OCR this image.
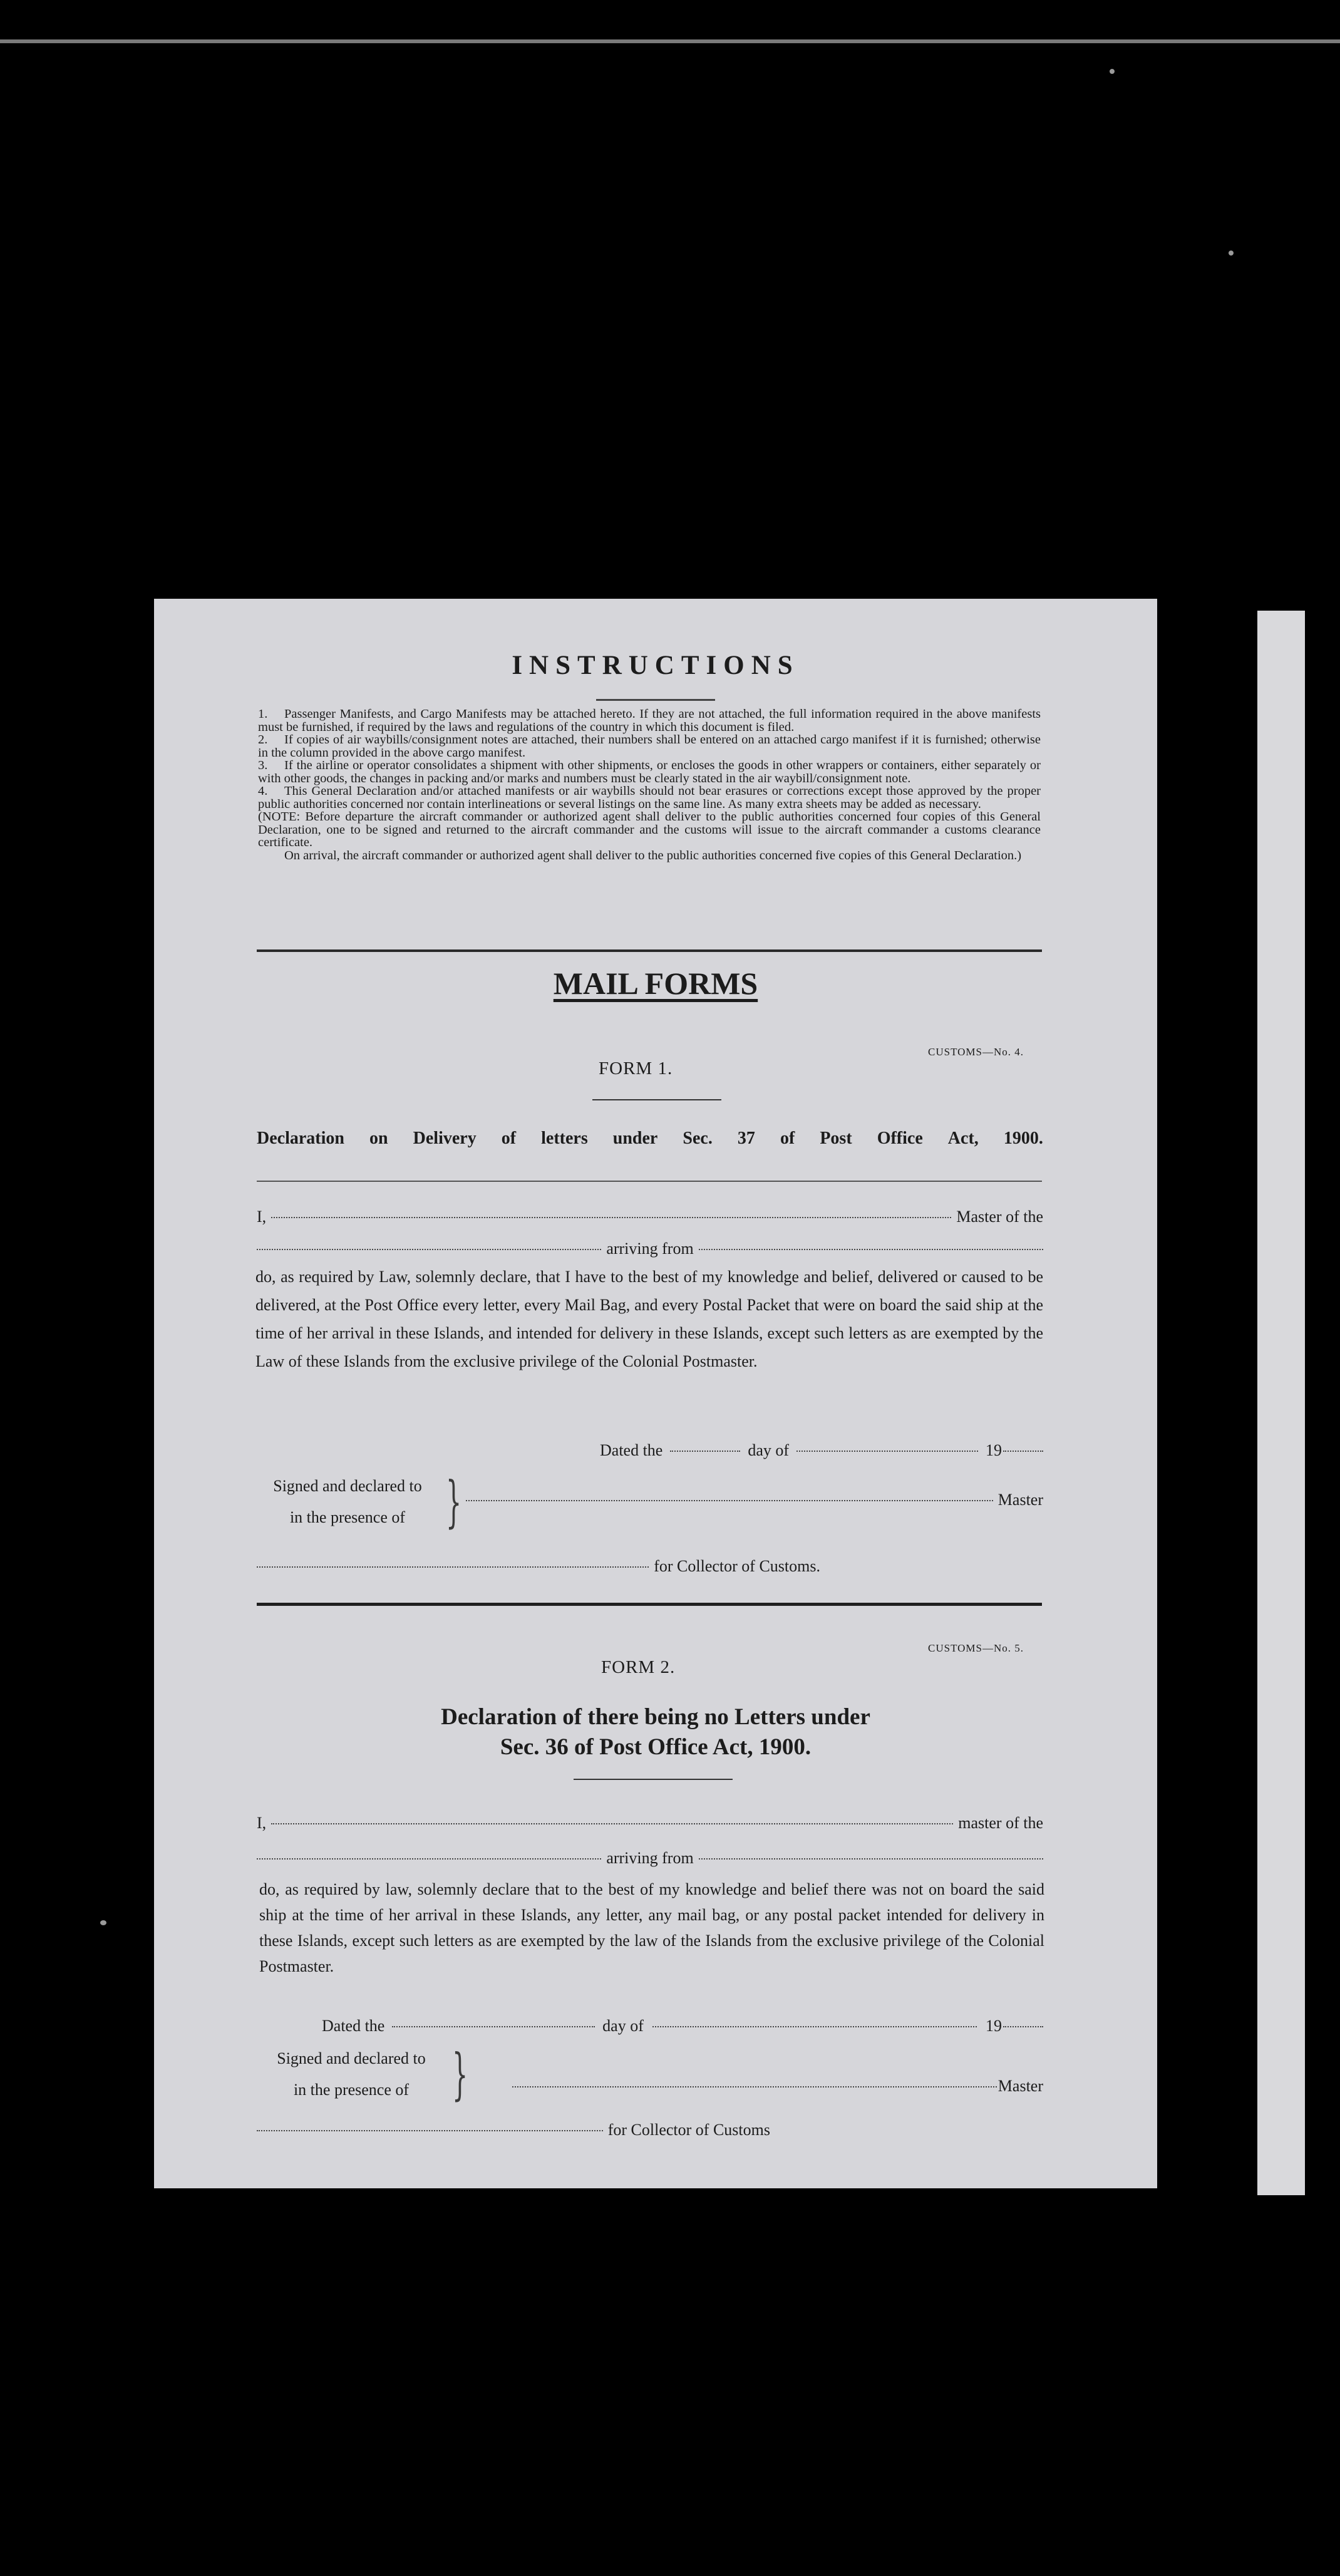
INSTRUCTIONS

1. Passenger Manifests, and Cargo Manifests may be attached hereto. If they are not attached, the full information required in the above manifests must be furnished, if required by the laws and regulations of the country in which this document is filed.

2. If copies of air waybills/consignment notes are attached, their numbers shall be entered on an attached cargo manifest if it is furnished; otherwise in the column provided in the above cargo manifest.

3. If the airline or operator consolidates a shipment with other shipments, or encloses the goods in other wrappers or containers, either separately or with other goods, the changes in packing and/or marks and numbers must be clearly stated in the air waybill/consignment note.

4. This General Declaration and/or attached manifests or air waybills should not bear erasures or corrections except those approved by the proper public authorities concerned nor contain interlineations or several listings on the same line. As many extra sheets may be added as necessary.

(NOTE: Before departure the aircraft commander or authorized agent shall deliver to the public authorities concerned four copies of this General Declaration, one to be signed and returned to the aircraft commander and the customs will issue to the aircraft commander a customs clearance certificate.

On arrival, the aircraft commander or authorized agent shall deliver to the public authorities concerned five copies of this General Declaration.)

MAIL FORMS
CUSTOMS—No. 4.
FORM 1.
Declaration on Delivery of letters under Sec. 37 of Post Office Act, 1900.
I,	Master of the
arriving from
do, as required by Law, solemnly declare, that I have to the best of my knowledge and belief, delivered or caused to be delivered, at the Post Office every letter, every Mail Bag, and every Postal Packet that were on board the said ship at the time of her arrival in these Islands, and intended for delivery in these Islands, except such letters as are exempted by the Law of these Islands from the exclusive privilege of the Colonial Postmaster.
Dated the	day of	19
Signed and declared to
in the presence of }	Master
for Collector of Customs.
CUSTOMS—No. 5.
FORM 2.
Declaration of there being no Letters under
Sec. 36 of Post Office Act, 1900.
I,	master of the
arriving from
do, as required by law, solemnly declare that to the best of my knowledge and belief there was not on board the said ship at the time of her arrival in these Islands, any letter, any mail bag, or any postal packet intended for delivery in these Islands, except such letters as are exempted by the law of the Islands from the exclusive privilege of the Colonial Postmaster.
Dated the	day of	19
Signed and declared to
in the presence of }	Master
for Collector of Customs
